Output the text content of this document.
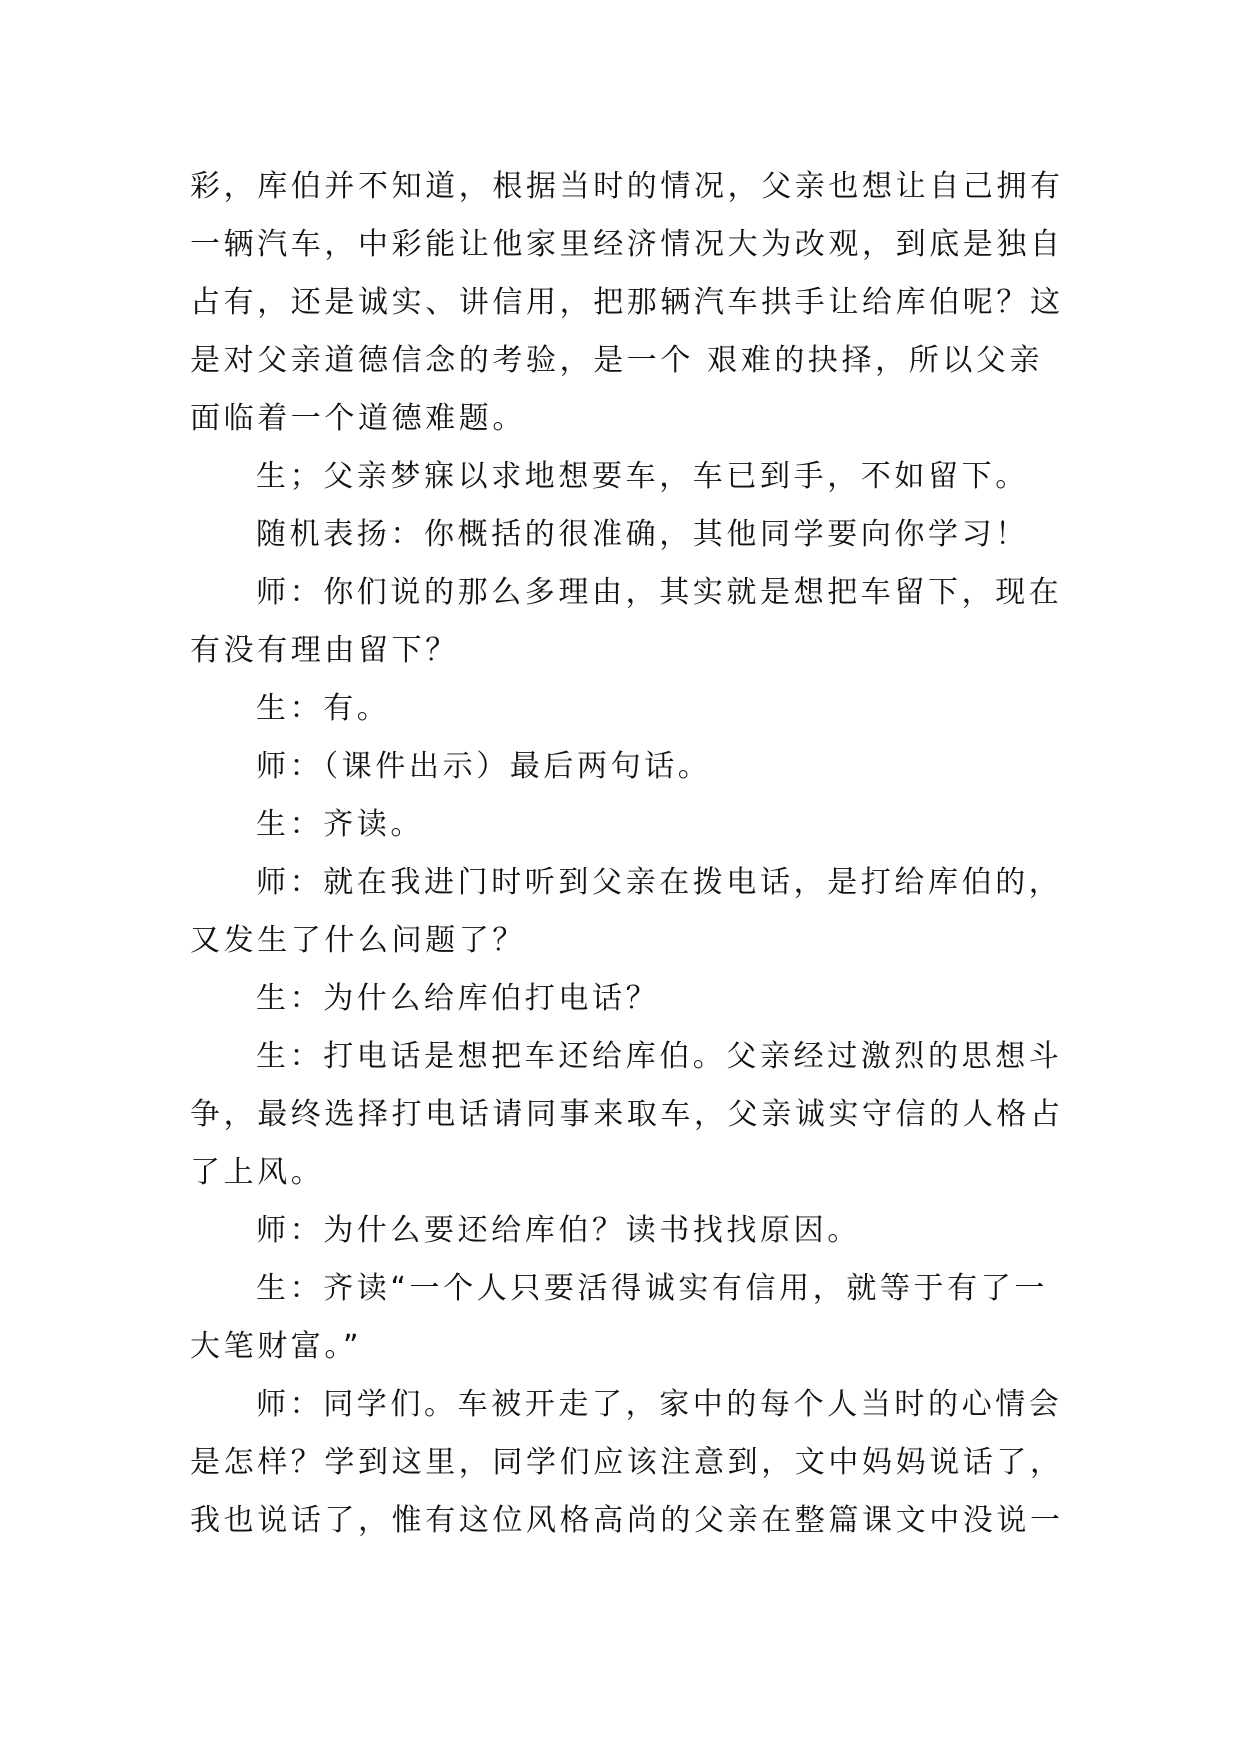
彩，库伯并不知道，根据当时的情况，父亲也想让自己拥有
一辆汽车，中彩能让他家里经济情况大为改观，到底是独自
占有，还是诚实、讲信用，把那辆汽车拱手让给库伯呢？这
是对父亲道德信念的考验，是一个 艰难的抉择，所以父亲
面临着一个道德难题。
生；父亲梦寐以求地想要车，车已到手，不如留下。
随机表扬：你概括的很准确，其他同学要向你学习！
师：你们说的那么多理由，其实就是想把车留下，现在
有没有理由留下？
生：有。
师：（课件出示）最后两句话。
生：齐读。
师：就在我进门时听到父亲在拨电话，是打给库伯的，
又发生了什么问题了？
生：为什么给库伯打电话？
生：打电话是想把车还给库伯。父亲经过激烈的思想斗
争，最终选择打电话请同事来取车，父亲诚实守信的人格占
了上风。
师：为什么要还给库伯？读书找找原因。
生：齐读“一个人只要活得诚实有信用，就等于有了一
大笔财富。”
师：同学们。车被开走了，家中的每个人当时的心情会
是怎样？学到这里，同学们应该注意到，文中妈妈说话了，
我也说话了，惟有这位风格高尚的父亲在整篇课文中没说一
